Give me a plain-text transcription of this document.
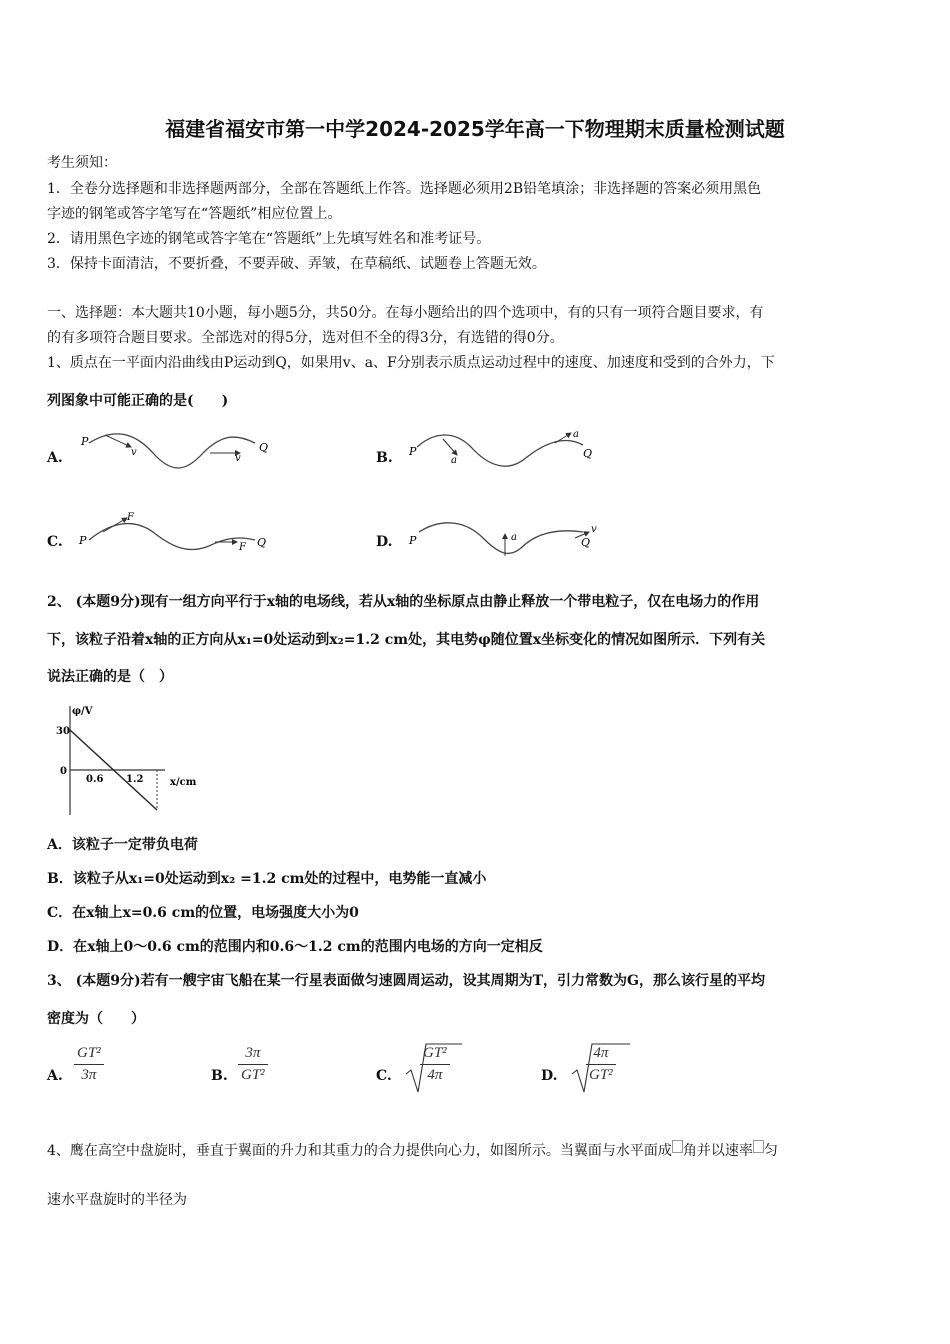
福建省福安市第一中学2024-2025学年高一下物理期末质量检测试题
考生须知：
1．全卷分选择题和非选择题两部分，全部在答题纸上作答。选择题必须用2B铅笔填涂；非选择题的答案必须用黑色
字迹的钢笔或答字笔写在“答题纸”相应位置上。
2．请用黑色字迹的钢笔或答字笔在“答题纸”上先填写姓名和准考证号。
3．保持卡面清洁，不要折叠，不要弄破、弄皱，在草稿纸、试题卷上答题无效。
一、选择题：本大题共10小题，每小题5分，共50分。在每小题给出的四个选项中，有的只有一项符合题目要求，有
的有多项符合题目要求。全部选对的得5分，选对但不全的得3分，有选错的得0分。
1、质点在一平面内沿曲线由P运动到Q，如果用v、a、F分别表示质点运动过程中的速度、加速度和受到的合外力，下
列图象中可能正确的是(　　)
A.	B.
C.	D.
P
v
v
Q	P
a
a
Q
P
F
F Q	P	a
v
Q
2、 (本题9分)现有一组方向平行于x轴的电场线，若从x轴的坐标原点由静止释放一个带电粒子，仅在电场力的作用
下，该粒子沿着x轴的正方向从x₁=0处运动到x₂=1.2 cm处，其电势φ随位置x坐标变化的情况如图所示．下列有关
说法正确的是（　）
φ/V
x/cm
30
0
0.6 1.2
A．该粒子一定带负电荷
B．该粒子从x₁=0处运动到x₂ =1.2 cm处的过程中，电势能一直减小
C．在x轴上x=0.6 cm的位置，电场强度大小为0
D．在x轴上0～0.6 cm的范围内和0.6～1.2 cm的范围内电场的方向一定相反
3、 (本题9分)若有一艘宇宙飞船在某一行星表面做匀速圆周运动，设其周期为T，引力常数为G，那么该行星的平均
密度为（　　）
A.
GT²
3π	B.
3π
GT²	C.
GT²
4π	D.
4π
GT²
4、鹰在高空中盘旋时，垂直于翼面的升力和其重力的合力提供向心力，如图所示。当翼面与水平面成 角并以速率 匀
速水平盘旋时的半径为
